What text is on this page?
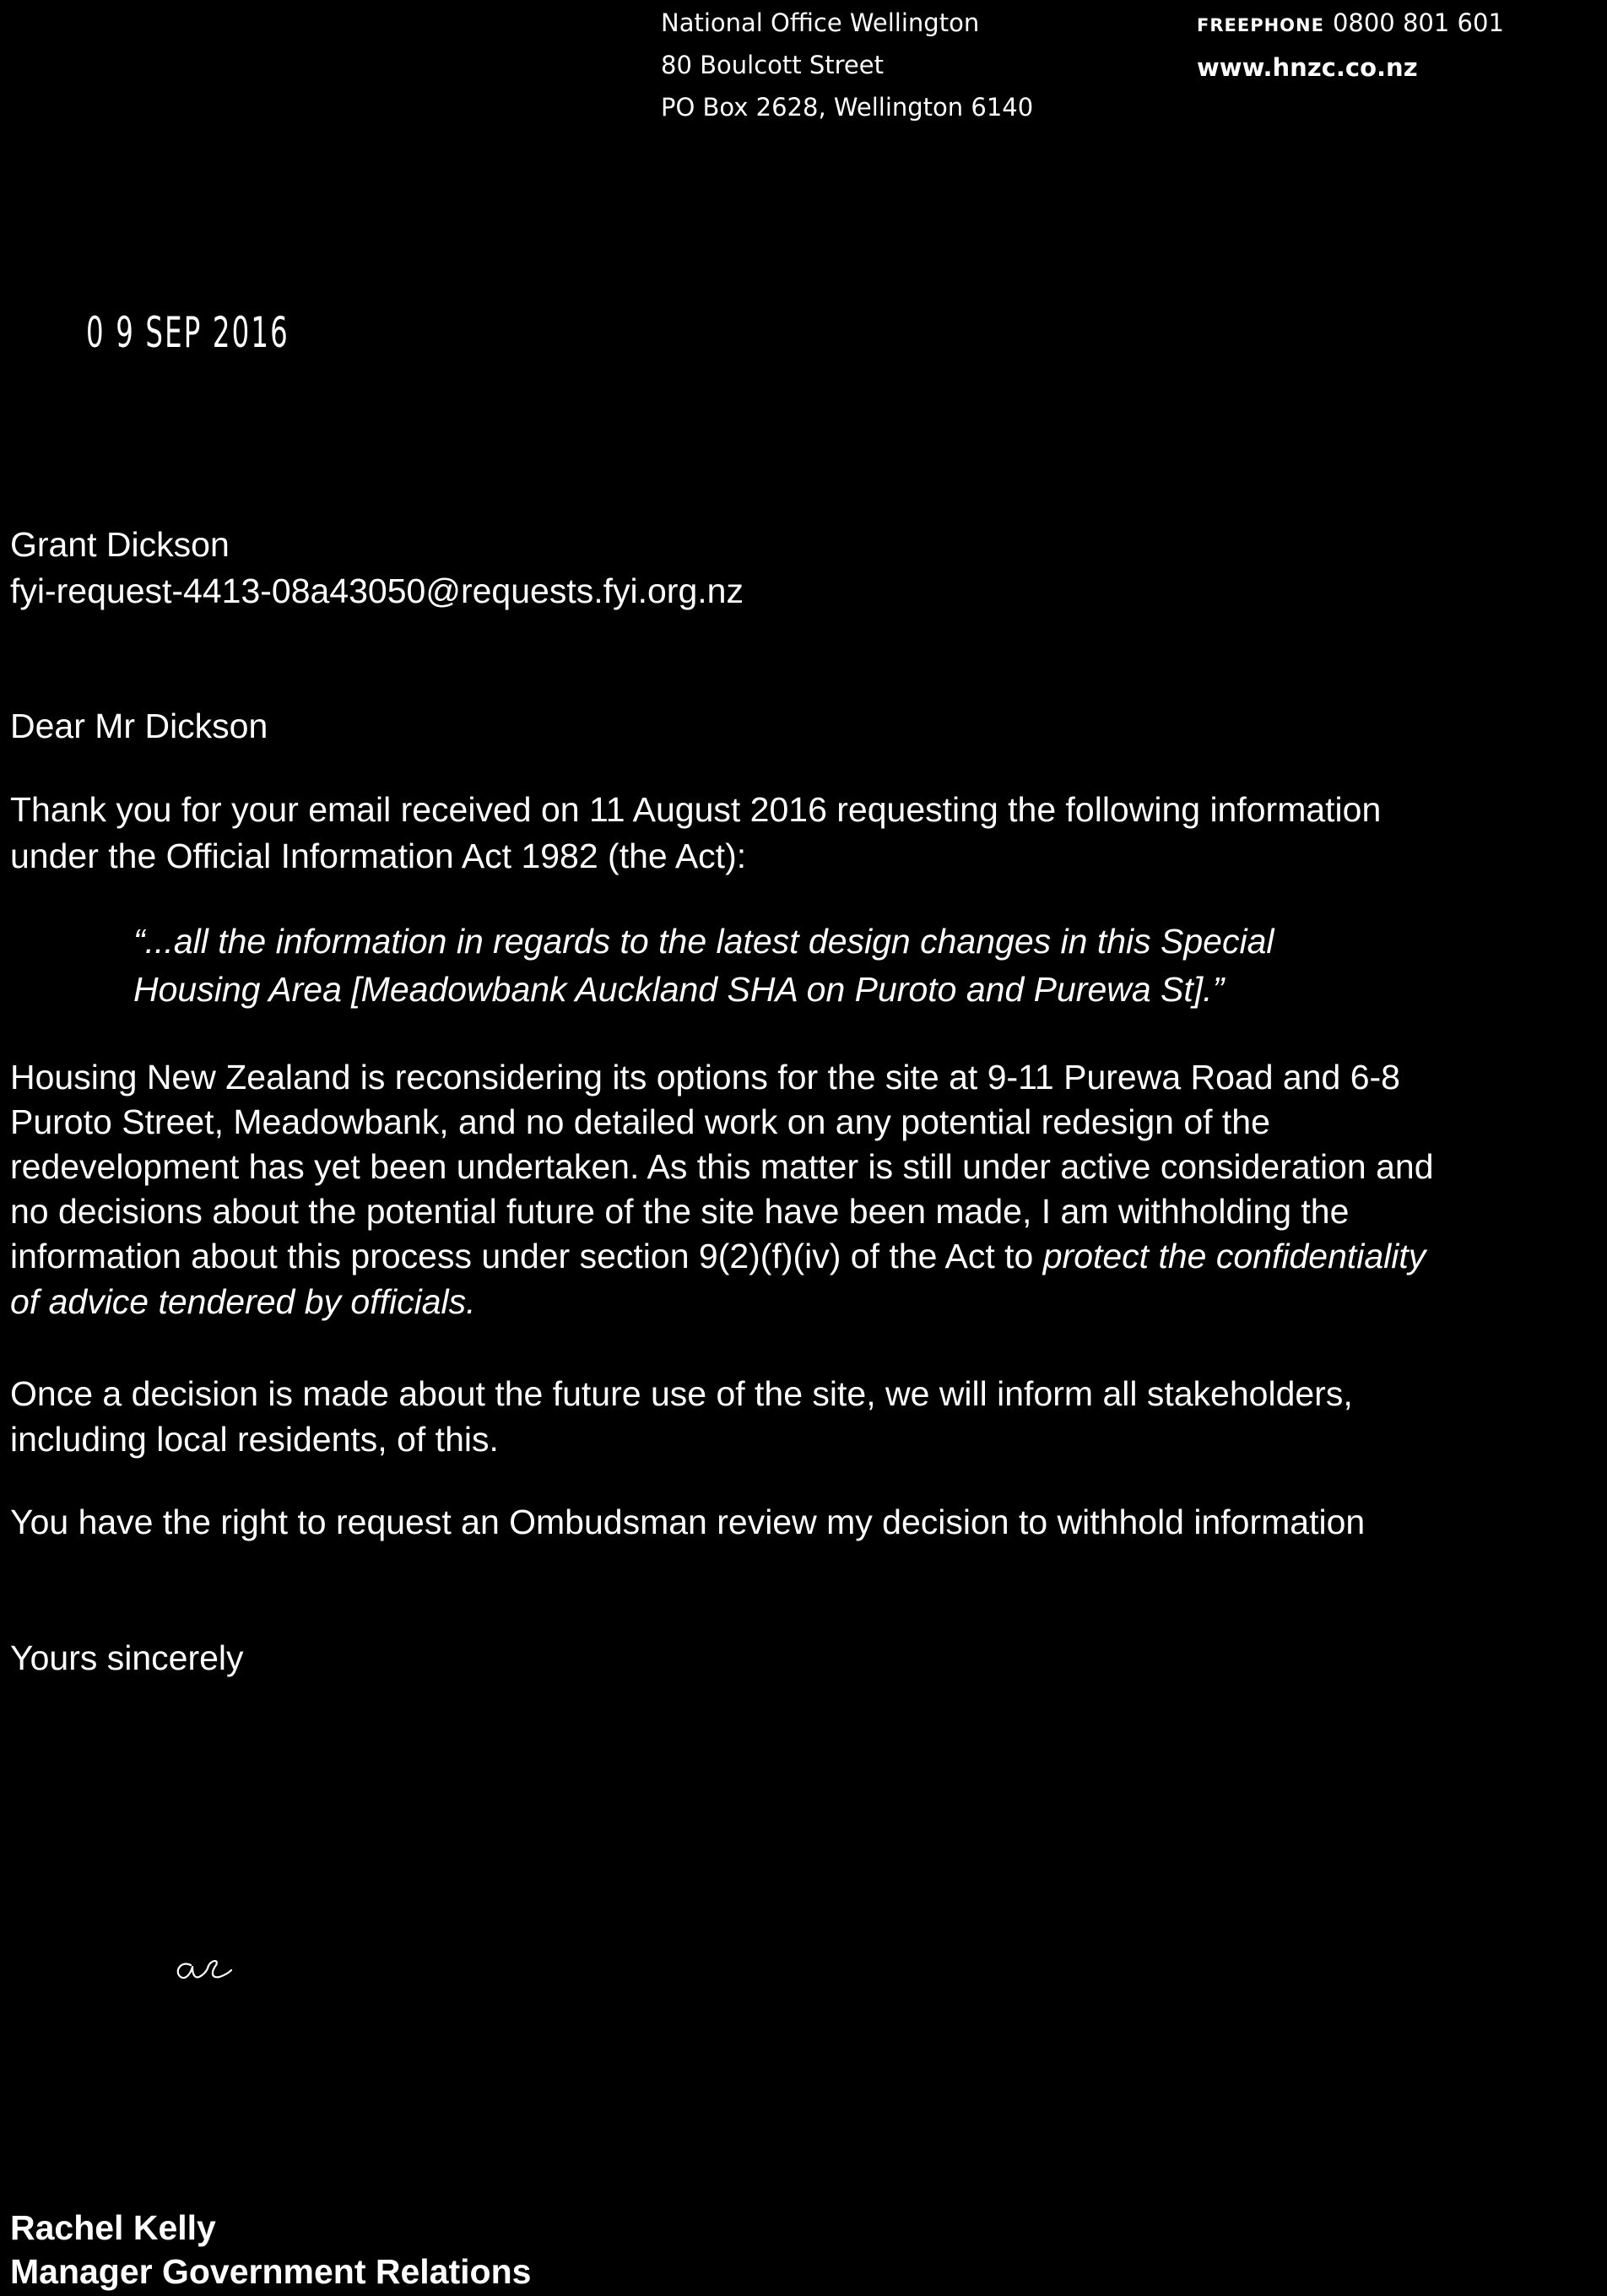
National Office Wellington
80 Boulcott Street
PO Box 2628, Wellington 6140
FREEPHONE 0800 801 601
www.hnzc.co.nz
0 9 SEP 2016
Grant Dickson
fyi-request-4413-08a43050@requests.fyi.org.nz
Dear Mr Dickson
Thank you for your email received on 11 August 2016 requesting the following information
under the Official Information Act 1982 (the Act):
“...all the information in regards to the latest design changes in this Special
Housing Area [Meadowbank Auckland SHA on Puroto and Purewa St].”
Housing New Zealand is reconsidering its options for the site at 9-11 Purewa Road and 6-8
Puroto Street, Meadowbank, and no detailed work on any potential redesign of the
redevelopment has yet been undertaken. As this matter is still under active consideration and
no decisions about the potential future of the site have been made, I am withholding the
information about this process under section 9(2)(f)(iv) of the Act to protect the confidentiality
of advice tendered by officials.
Once a decision is made about the future use of the site, we will inform all stakeholders,
including local residents, of this.
You have the right to request an Ombudsman review my decision to withhold information
Yours sincerely
Rachel Kelly
Manager Government Relations
